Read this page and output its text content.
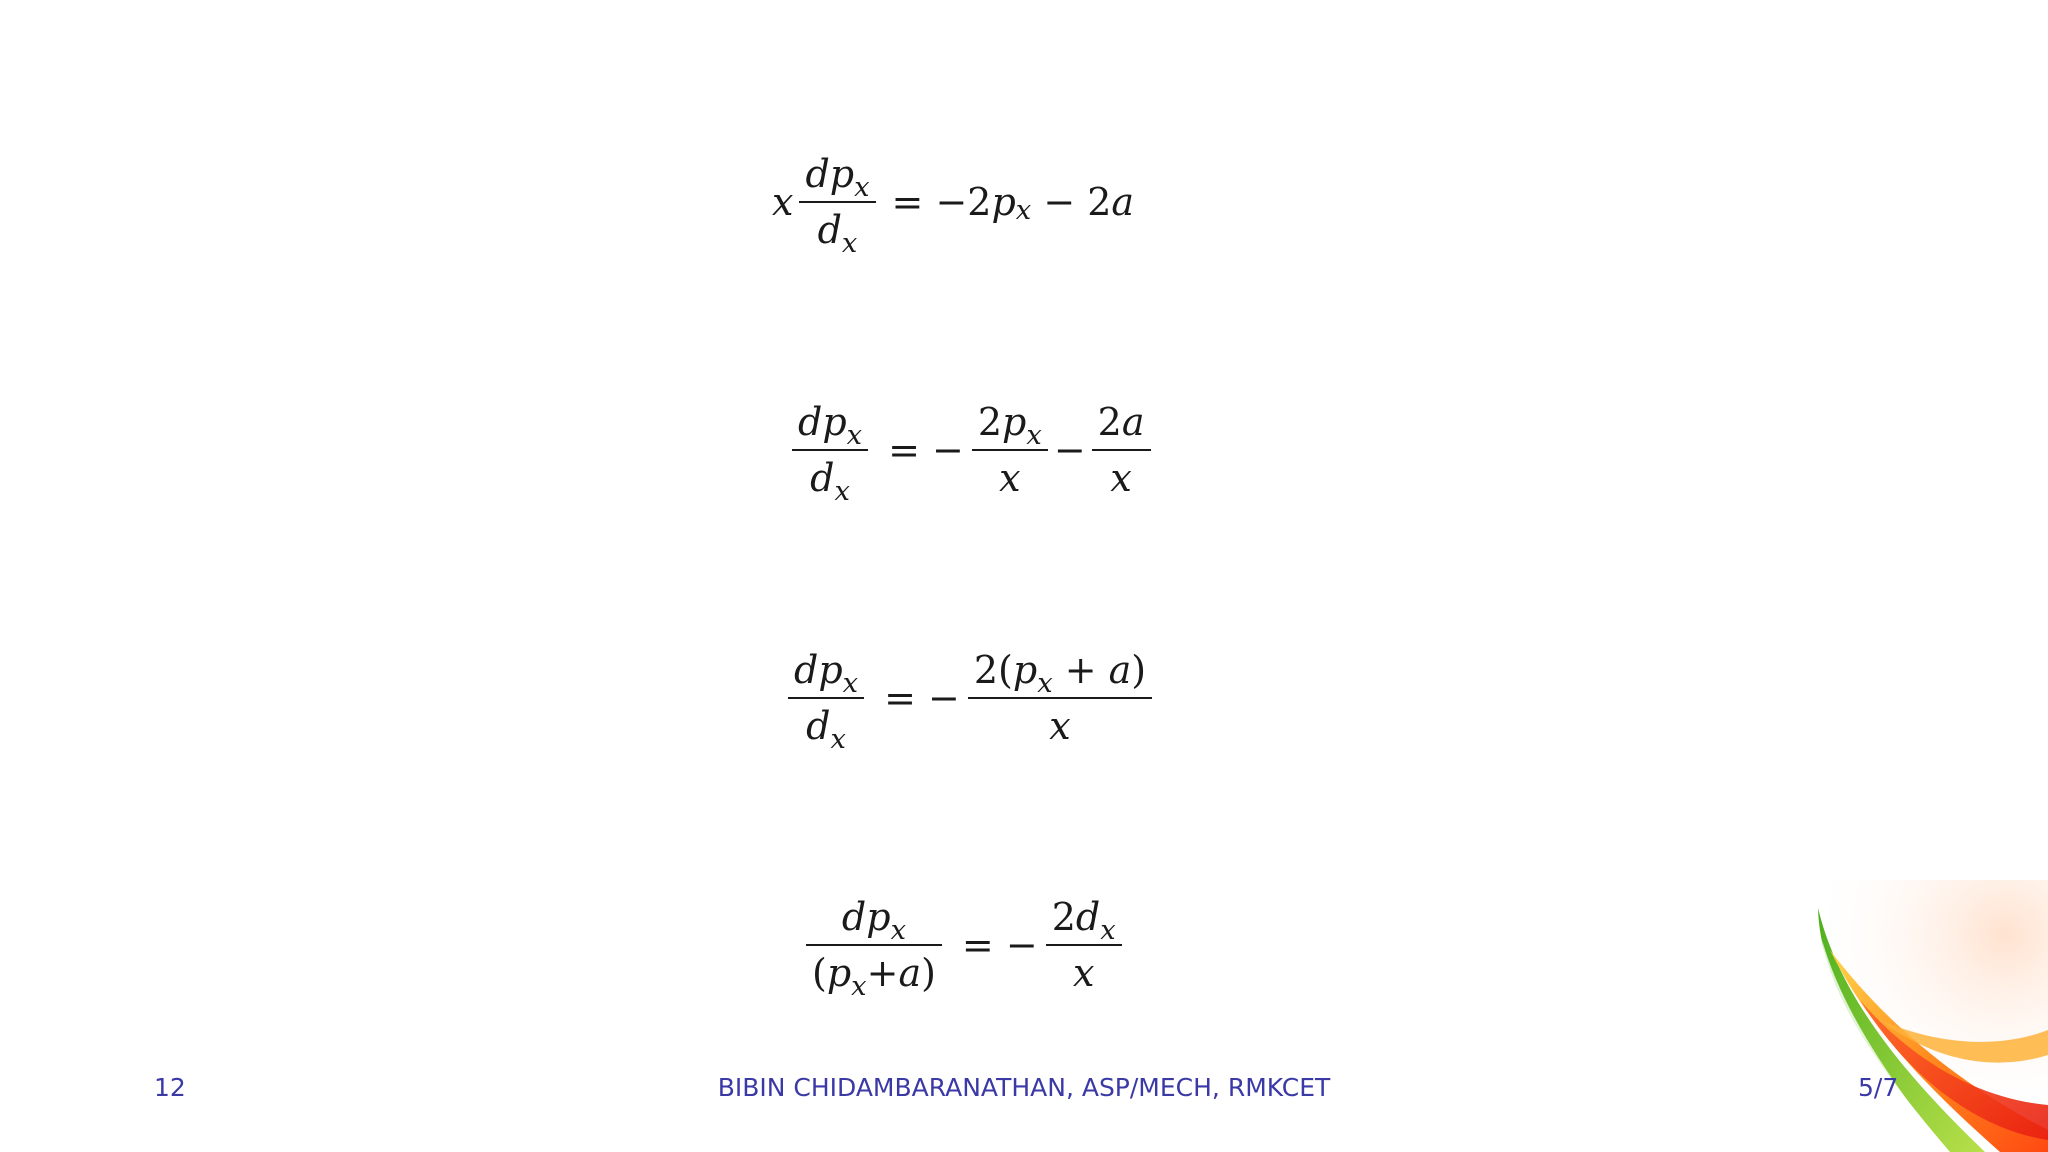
x $\frac{dp_x}{d_x} = -2$ p x − 2 a
$\frac{dp_x}{d_x}$ = − $\frac{2p_x}{x} - \frac{2a}{x}$
$\frac{dp_x}{d_x}$ = − $\frac{2(p_x + a)}{x}$
$\frac{dp_x}{(p_x+a)}$ = − $\frac{2d_x}{x}$
12	BIBIN CHIDAMBARANATHAN, ASP/MECH, RMKCET	5/7
